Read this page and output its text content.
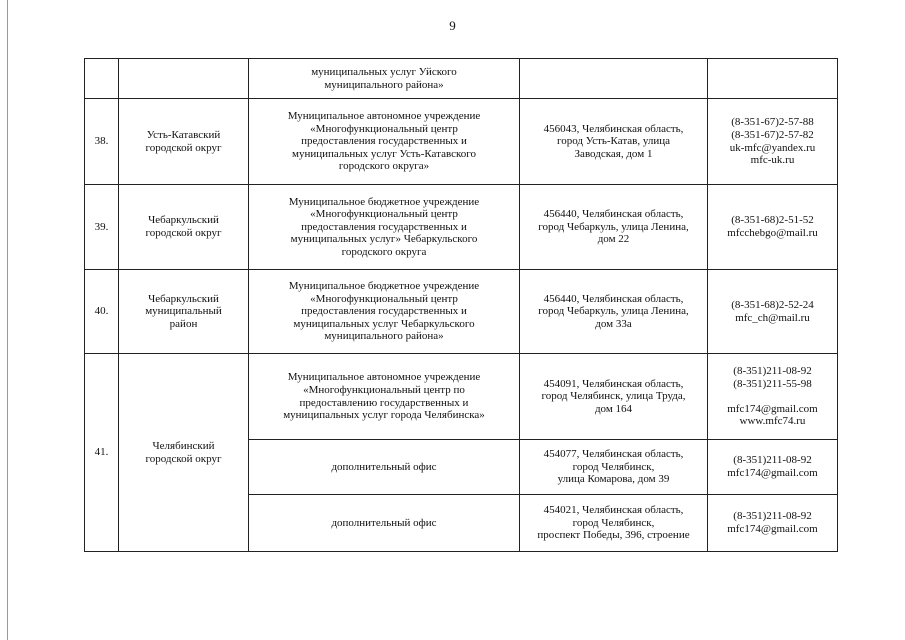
9

		муниципальных услуг Уйского
муниципального района»		

38.	Усть-Катавский
городской округ	Муниципальное автономное учреждение
«Многофункциональный центр
предоставления государственных и
муниципальных услуг Усть-Катавского
городского округа»	456043, Челябинская область,
город Усть-Катав, улица
Заводская, дом 1	(8-351-67)2-57-88
(8-351-67)2-57-82
uk-mfc@yandex.ru
mfc-uk.ru

39.	Чебаркульский
городской округ	Муниципальное бюджетное учреждение
«Многофункциональный центр
предоставления государственных и
муниципальных услуг» Чебаркульского
городского округа	456440, Челябинская область,
город Чебаркуль, улица Ленина,
дом 22	(8-351-68)2-51-52
mfcchebgo@mail.ru

40.	Чебаркульский
муниципальный
район	Муниципальное бюджетное учреждение
«Многофункциональный центр
предоставления государственных и
муниципальных услуг Чебаркульского
муниципального района»	456440, Челябинская область,
город Чебаркуль, улица Ленина,
дом 33а	(8-351-68)2-52-24
mfc_ch@mail.ru

41.	Челябинский
городской округ	Муниципальное автономное учреждение
«Многофункциональный центр по
предоставлению государственных и
муниципальных услуг города Челябинска»	454091, Челябинская область,
город Челябинск, улица Труда,
дом 164	(8-351)211-08-92
(8-351)211-55-98
mfc174@gmail.com
www.mfc74.ru

		дополнительный офис	454077, Челябинская область,
город Челябинск,
улица Комарова, дом 39	(8-351)211-08-92
mfc174@gmail.com

		дополнительный офис	454021, Челябинская область,
город Челябинск,
проспект Победы, 396, строение	(8-351)211-08-92
mfc174@gmail.com
